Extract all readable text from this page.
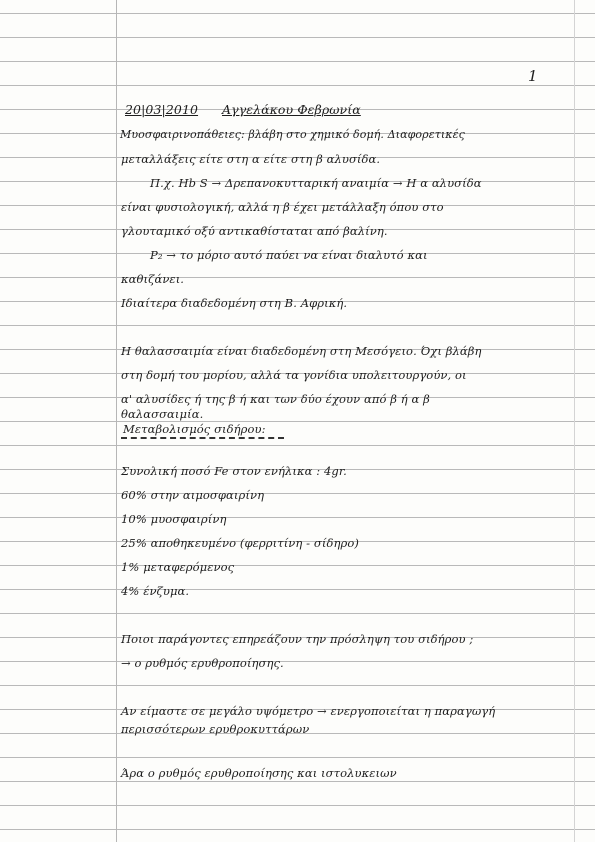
1
20|03|2010 Αγγελάκου Φεβρωνία
Μυοσφαιρινοπάθειες: βλάβη στο χημικό δομή. Διαφορετικές
μεταλλάξεις είτε στη α είτε στη β αλυσίδα.
Π.χ. Hb S → Δρεπανοκυτταρική αναιμία → Η α αλυσίδα
είναι φυσιολογική, αλλά η β έχει μετάλλαξη όπου στο
γλουταμικό οξύ αντικαθίσταται από βαλίνη.
Ρ₂ → το μόριο αυτό παύει να είναι διαλυτό και
καθιζάνει.
Ιδιαίτερα διαδεδομένη στη Β. Αφρική.
Η θαλασσαιμία είναι διαδεδομένη στη Μεσόγειο. Όχι βλάβη
στη δομή του μορίου, αλλά τα γονίδια υπολειτουργούν, οι
α' αλυσίδες ή της β ή και των δύο έχουν από β ή α β
θαλασσαιμία.
Μεταβολισμός σιδήρου:
Συνολική ποσό Fe στον ενήλικα : 4gr.
60% στην αιμοσφαιρίνη
10% μυοσφαιρίνη
25% αποθηκευμένο (φερριτίνη - σίδηρο)
1% μεταφερόμενος
4% ένζυμα.
Ποιοι παράγοντες επηρεάζουν την πρόσληψη του σιδήρου ;
→ ο ρυθμός ερυθροποίησης.
Αν είμαστε σε μεγάλο υψόμετρο → ενεργοποιείται η παραγωγή
περισσότερων ερυθροκυττάρων
Άρα ο ρυθμός ερυθροποίησης και ιστολυκειων
